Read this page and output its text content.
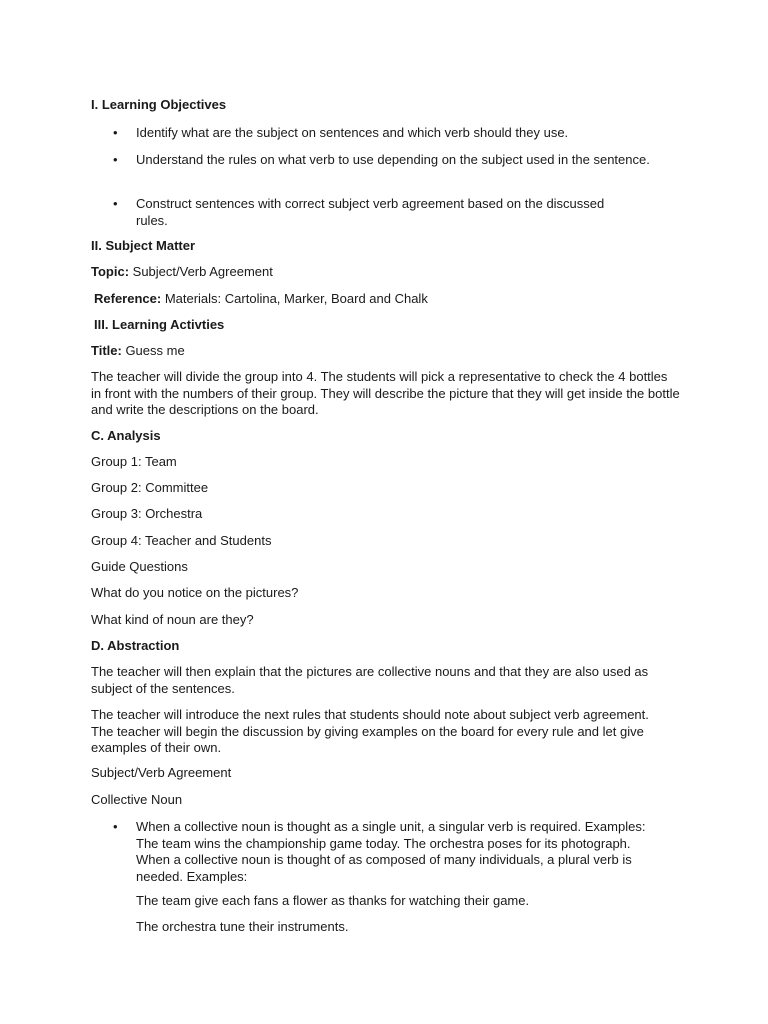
I. Learning Objectives

•	Identify what are the subject on sentences and which verb should they use.

•	Understand the rules on what verb to use depending on the subject used in the sentence.

•	Construct sentences with correct subject verb agreement based on the discussed rules.

II. Subject Matter

Topic: Subject/Verb Agreement

Reference: Materials: Cartolina, Marker, Board and Chalk

III. Learning Activties

Title: Guess me

The teacher will divide the group into 4. The students will pick a representative to check the 4 bottles in front with the numbers of their group. They will describe the picture that they will get inside the bottle and write the descriptions on the board.

C. Analysis

Group 1: Team

Group 2: Committee

Group 3: Orchestra

Group 4: Teacher and Students

Guide Questions

What do you notice on the pictures?

What kind of noun are they?

D. Abstraction

The teacher will then explain that the pictures are collective nouns and that they are also used as subject of the sentences.

The teacher will introduce the next rules that students should note about subject verb agreement. The teacher will begin the discussion by giving examples on the board for every rule and let give examples of their own.

Subject/Verb Agreement

Collective Noun

•	When a collective noun is thought as a single unit, a singular verb is required. Examples: The team wins the championship game today. The orchestra poses for its photograph. When a collective noun is thought of as composed of many individuals, a plural verb is needed. Examples:

The team give each fans a flower as thanks for watching their game.

The orchestra tune their instruments.
